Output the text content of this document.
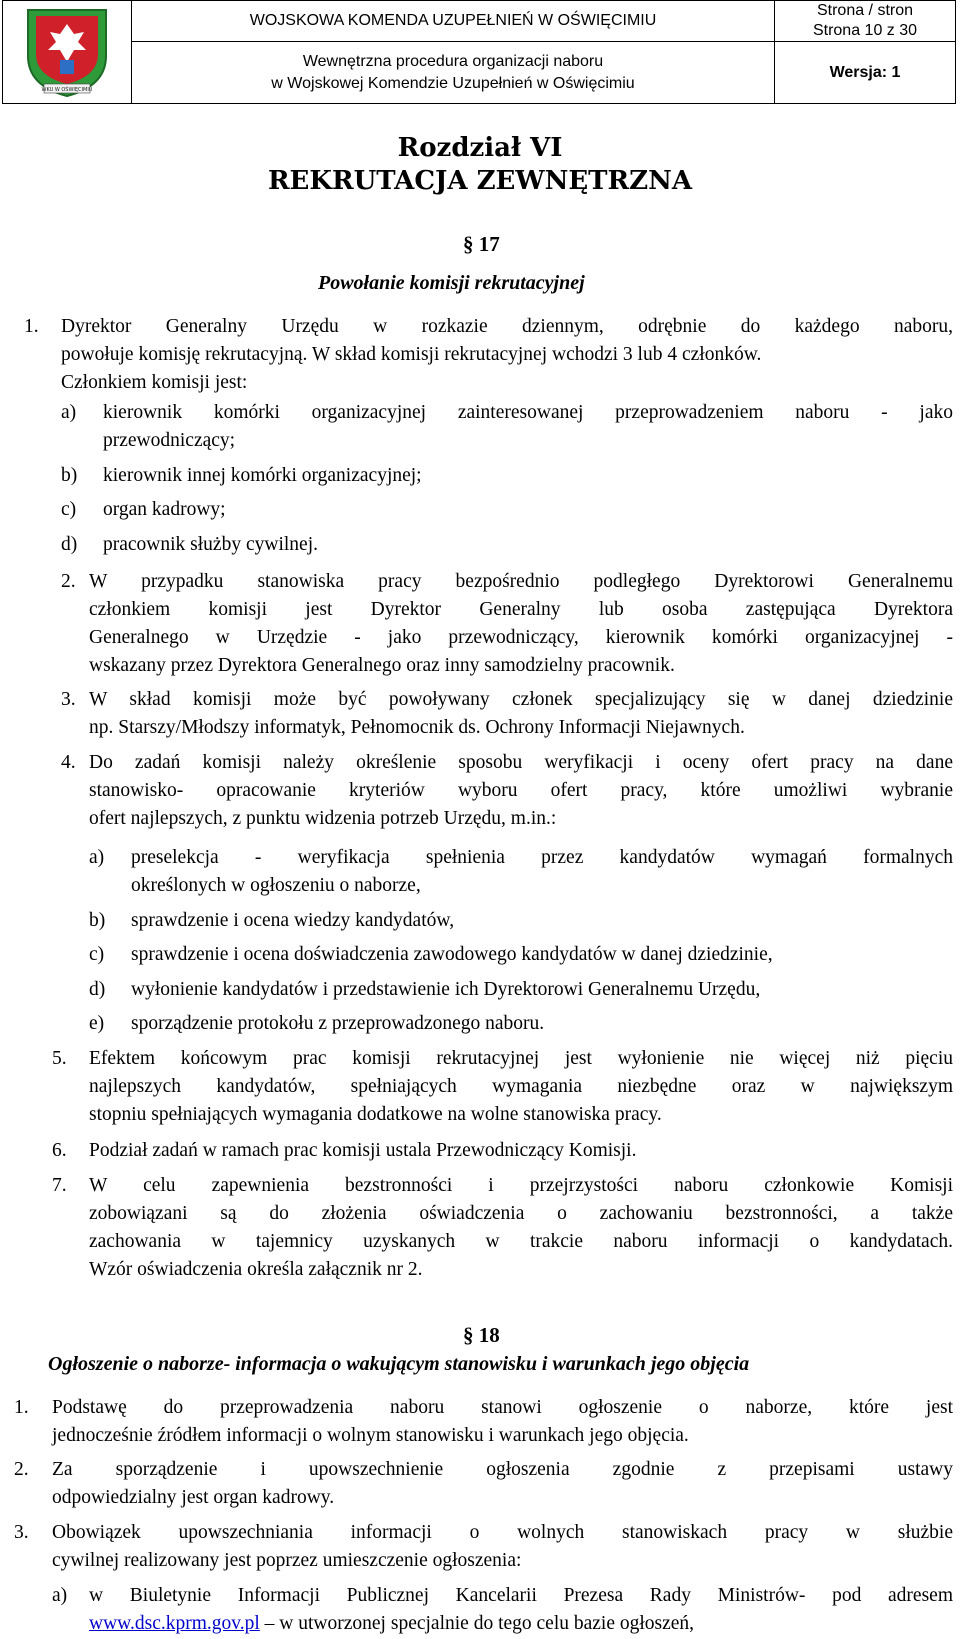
WKU W OŚWIĘCIMIU
WOJSKOWA KOMENDA UZUPEŁNIEŃ W OŚWIĘCIMIU
Wewnętrzna procedura organizacji naboru
w Wojskowej Komendzie Uzupełnień w Oświęcimiu
Strona / stron
Strona 10 z 30
Wersja: 1
Rozdział VI
REKRUTACJA ZEWNĘTRZNA
§ 17
Powołanie komisji rekrutacyjnej
1. Dyrektor Generalny Urzędu w rozkazie dziennym, odrębnie do każdego naboru,
powołuje komisję rekrutacyjną. W skład komisji rekrutacyjnej wchodzi 3 lub 4 członków.
Członkiem komisji jest:
a) kierownik komórki organizacyjnej zainteresowanej przeprowadzeniem naboru - jako
przewodniczący;
b) kierownik innej komórki organizacyjnej;
c) organ kadrowy;
d) pracownik służby cywilnej.
2. W przypadku stanowiska pracy bezpośrednio podległego Dyrektorowi Generalnemu
członkiem komisji jest Dyrektor Generalny lub osoba zastępująca Dyrektora
Generalnego w Urzędzie - jako przewodniczący, kierownik komórki organizacyjnej -
wskazany przez Dyrektora Generalnego oraz inny samodzielny pracownik.
3. W skład komisji może być powoływany członek specjalizujący się w danej dziedzinie
np. Starszy/Młodszy informatyk, Pełnomocnik ds. Ochrony Informacji Niejawnych.
4. Do zadań komisji należy określenie sposobu weryfikacji i oceny ofert pracy na dane
stanowisko- opracowanie kryteriów wyboru ofert pracy, które umożliwi wybranie
ofert najlepszych, z punktu widzenia potrzeb Urzędu, m.in.:
a) preselekcja - weryfikacja spełnienia przez kandydatów wymagań formalnych
określonych w ogłoszeniu o naborze,
b) sprawdzenie i ocena wiedzy kandydatów,
c) sprawdzenie i ocena doświadczenia zawodowego kandydatów w danej dziedzinie,
d) wyłonienie kandydatów i przedstawienie ich Dyrektorowi Generalnemu Urzędu,
e) sporządzenie protokołu z przeprowadzonego naboru.
5. Efektem końcowym prac komisji rekrutacyjnej jest wyłonienie nie więcej niż pięciu
najlepszych kandydatów, spełniających wymagania niezbędne oraz w największym
stopniu spełniających wymagania dodatkowe na wolne stanowiska pracy.
6. Podział zadań w ramach prac komisji ustala Przewodniczący Komisji.
7. W celu zapewnienia bezstronności i przejrzystości naboru członkowie Komisji
zobowiązani są do złożenia oświadczenia o zachowaniu bezstronności, a także
zachowania w tajemnicy uzyskanych w trakcie naboru informacji o kandydatach.
Wzór oświadczenia określa załącznik nr 2.
§ 18
Ogłoszenie o naborze- informacja o wakującym stanowisku i warunkach jego objęcia
1. Podstawę do przeprowadzenia naboru stanowi ogłoszenie o naborze, które jest
jednocześnie źródłem informacji o wolnym stanowisku i warunkach jego objęcia.
2. Za sporządzenie i upowszechnienie ogłoszenia zgodnie z przepisami ustawy
odpowiedzialny jest organ kadrowy.
3. Obowiązek upowszechniania informacji o wolnych stanowiskach pracy w służbie
cywilnej realizowany jest poprzez umieszczenie ogłoszenia:
a) w Biuletynie Informacji Publicznej Kancelarii Prezesa Rady Ministrów- pod adresem
www.dsc.kprm.gov.pl – w utworzonej specjalnie do tego celu bazie ogłoszeń,
